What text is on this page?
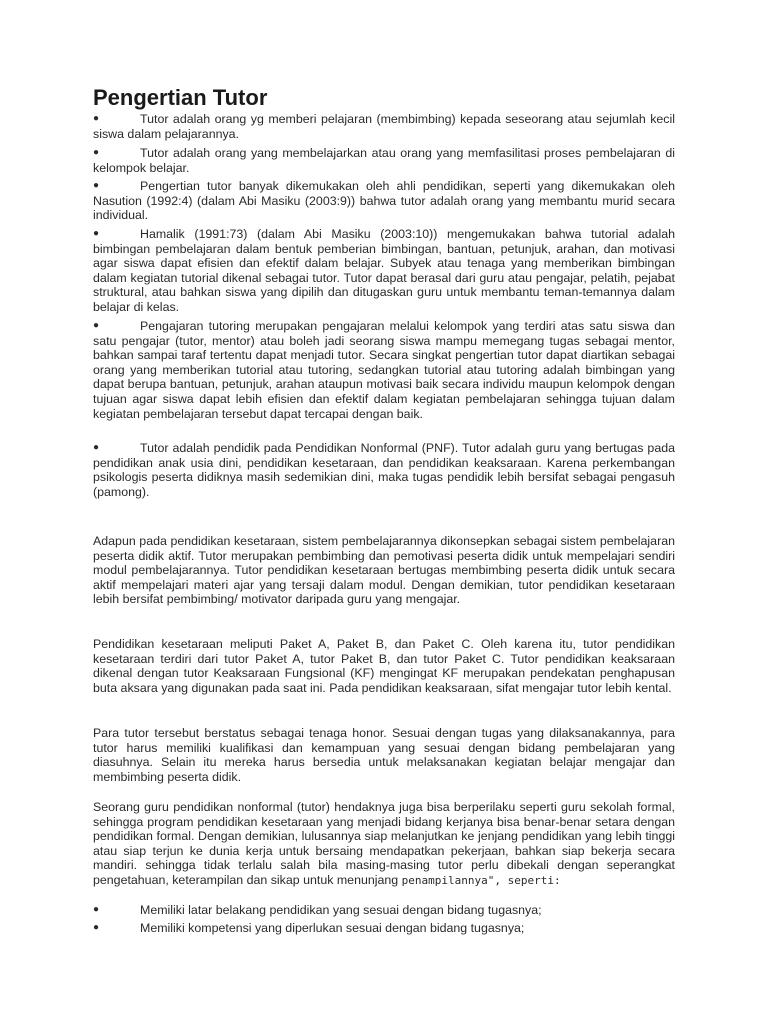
Pengertian Tutor
●	Tutor adalah orang yg memberi pelajaran (membimbing) kepada seseorang atau sejumlah kecil siswa dalam pelajarannya.
●	Tutor adalah orang yang membelajarkan atau orang yang memfasilitasi proses pembelajaran di kelompok belajar.
●	Pengertian tutor banyak dikemukakan oleh ahli pendidikan, seperti yang dikemukakan oleh Nasution (1992:4) (dalam Abi Masiku (2003:9)) bahwa tutor adalah orang yang membantu murid secara individual.
●	Hamalik (1991:73) (dalam Abi Masiku (2003:10)) mengemukakan bahwa tutorial adalah bimbingan pembelajaran dalam bentuk pemberian bimbingan, bantuan, petunjuk, arahan, dan motivasi agar siswa dapat efisien dan efektif dalam belajar. Subyek atau tenaga yang memberikan bimbingan dalam kegiatan tutorial dikenal sebagai tutor. Tutor dapat berasal dari guru atau pengajar, pelatih, pejabat struktural, atau bahkan siswa yang dipilih dan ditugaskan guru untuk membantu teman-temannya dalam belajar di kelas.
●	Pengajaran tutoring merupakan pengajaran melalui kelompok yang terdiri atas satu siswa dan satu pengajar (tutor, mentor) atau boleh jadi seorang siswa mampu memegang tugas sebagai mentor, bahkan sampai taraf tertentu dapat menjadi tutor. Secara singkat pengertian tutor dapat diartikan sebagai orang yang memberikan tutorial atau tutoring, sedangkan tutorial atau tutoring adalah bimbingan yang dapat berupa bantuan, petunjuk, arahan ataupun motivasi baik secara individu maupun kelompok dengan tujuan agar siswa dapat lebih efisien dan efektif dalam kegiatan pembelajaran sehingga tujuan dalam kegiatan pembelajaran tersebut dapat tercapai dengan baik.
●	Tutor adalah pendidik pada Pendidikan Nonformal (PNF). Tutor adalah guru yang bertugas pada pendidikan anak usia dini, pendidikan kesetaraan, dan pendidikan keaksaraan. Karena perkembangan psikologis peserta didiknya masih sedemikian dini, maka tugas pendidik lebih bersifat sebagai pengasuh (pamong).

Adapun pada pendidikan kesetaraan, sistem pembelajarannya dikonsepkan sebagai sistem pembelajaran peserta didik aktif. Tutor merupakan pembimbing dan pemotivasi peserta didik untuk mempelajari sendiri modul pembelajarannya. Tutor pendidikan kesetaraan bertugas membimbing peserta didik untuk secara aktif mempelajari materi ajar yang tersaji dalam modul. Dengan demikian, tutor pendidikan kesetaraan lebih bersifat pembimbing/ motivator daripada guru yang mengajar.

Pendidikan kesetaraan meliputi Paket A, Paket B, dan Paket C. Oleh karena itu, tutor pendidikan kesetaraan terdiri dari tutor Paket A, tutor Paket B, dan tutor Paket C. Tutor pendidikan keaksaraan dikenal dengan tutor Keaksaraan Fungsional (KF) mengingat KF merupakan pendekatan penghapusan buta aksara yang digunakan pada saat ini. Pada pendidikan keaksaraan, sifat mengajar tutor lebih kental.

Para tutor tersebut berstatus sebagai tenaga honor. Sesuai dengan tugas yang dilaksanakannya, para tutor harus memiliki kualifikasi dan kemampuan yang sesuai dengan bidang pembelajaran yang diasuhnya. Selain itu mereka harus bersedia untuk melaksanakan kegiatan belajar mengajar dan membimbing peserta didik.

Seorang guru pendidikan nonformal (tutor) hendaknya juga bisa berperilaku seperti guru sekolah formal, sehingga program pendidikan kesetaraan yang menjadi bidang kerjanya bisa benar-benar setara dengan pendidikan formal. Dengan demikian, lulusannya siap melanjutkan ke jenjang pendidikan yang lebih tinggi atau siap terjun ke dunia kerja untuk bersaing mendapatkan pekerjaan, bahkan siap bekerja secara mandiri. sehingga tidak terlalu salah bila masing-masing tutor perlu dibekali dengan seperangkat pengetahuan, keterampilan dan sikap untuk menunjang penampilannya", seperti:
●	Memiliki latar belakang pendidikan yang sesuai dengan bidang tugasnya;
●	Memiliki kompetensi yang diperlukan sesuai dengan bidang tugasnya;
